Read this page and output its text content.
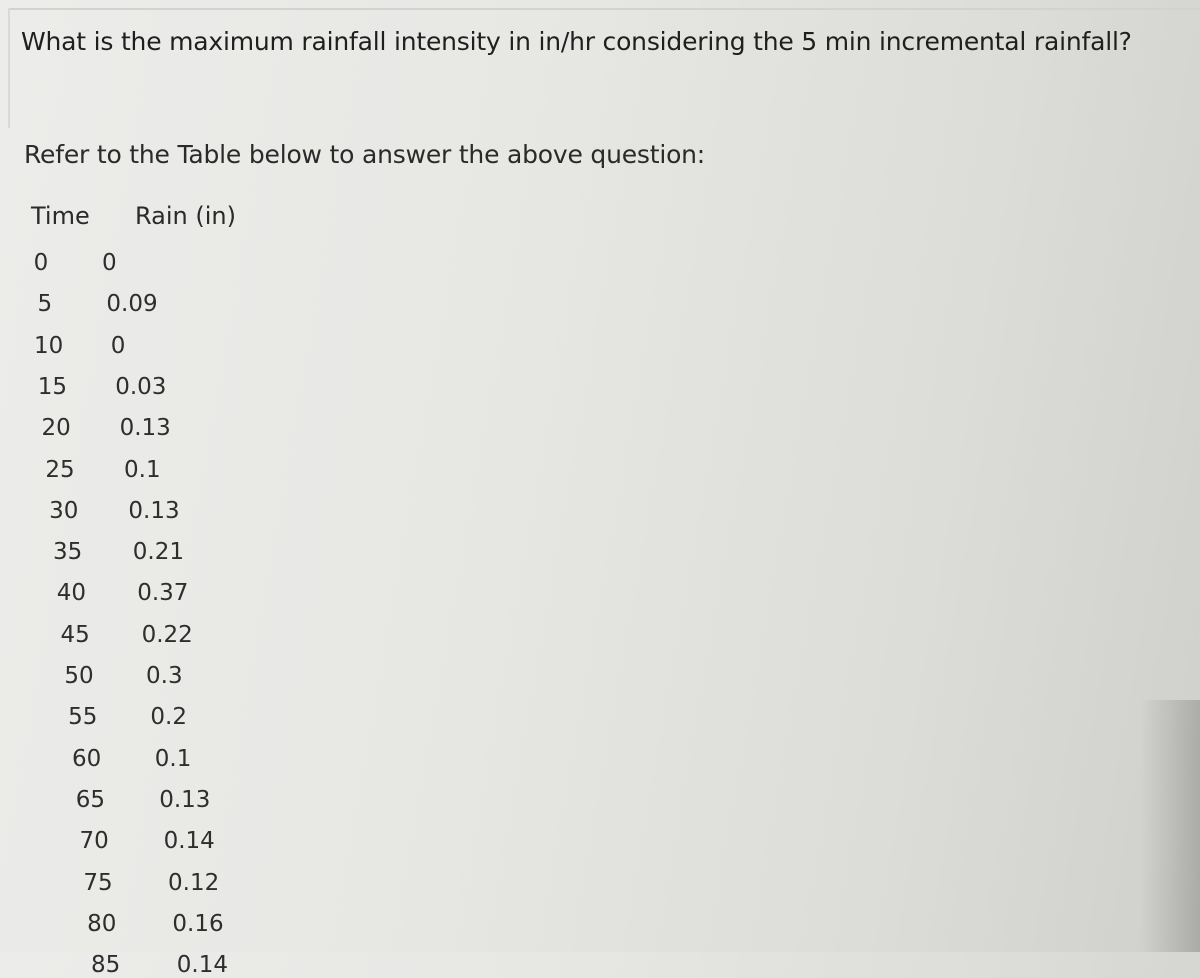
What is the maximum rainfall intensity in in/hr considering the 5 min incremental rainfall?
Refer to the Table below to answer the above question:
Time Rain (in)
0	0
5	0.09
10	0
15	0.03
20	0.13
25	0.1
30	0.13
35	0.21
40	0.37
45	0.22
50	0.3
55	0.2
60	0.1
65	0.13
70	0.14
75	0.12
80	0.16
85	0.14
